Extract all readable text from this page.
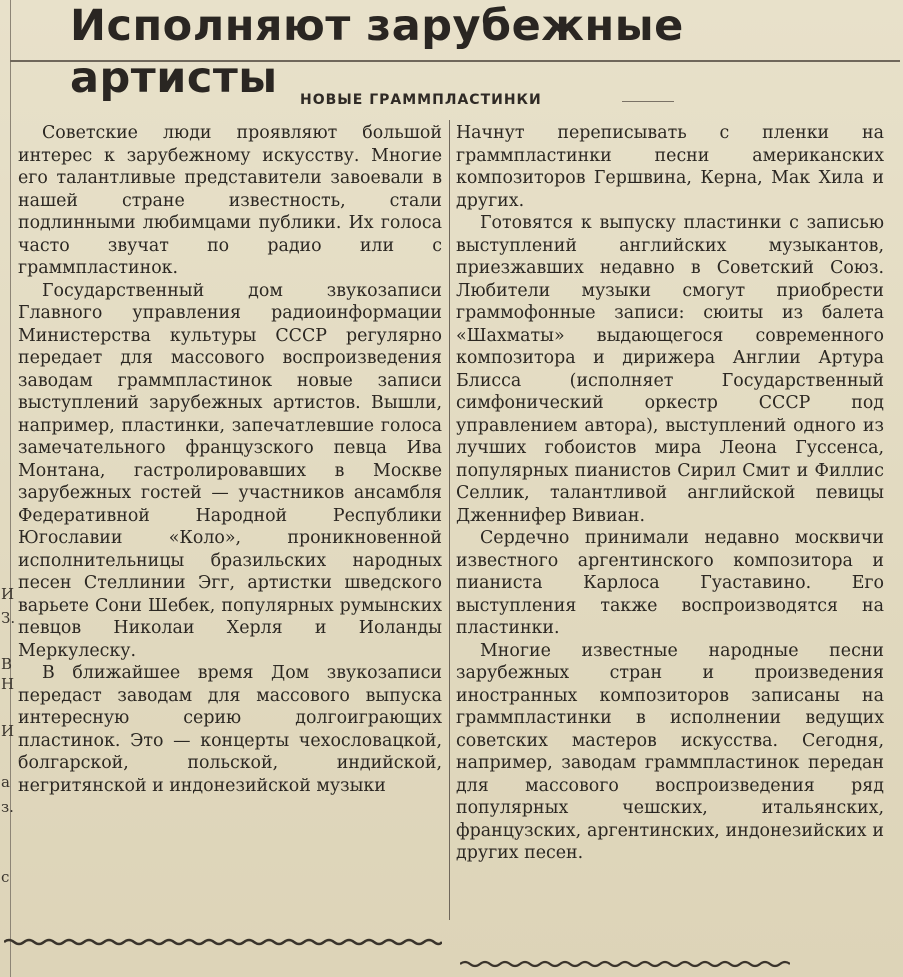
И
З.
В
Н
И
а
з.
с
Исполняют зарубежные артисты	НОВЫЕ ГРАММПЛАСТИНКИ

Советские люди проявляют большой интерес к зарубежному искусству. Многие его талантливые представители завоевали в нашей стране известность, стали подлинными любимцами публики. Их голоса часто звучат по радио или с граммпластинок.

Государственный дом звукозаписи Главного управления радиоинформации Министерства культуры СССР регулярно передает для массового воспроизведения заводам граммпластинок новые записи выступлений зарубежных артистов. Вышли, например, пластинки, запечатлевшие голоса замечательного французского певца Ива Монтана, гастролировавших в Москве зарубежных гостей — участников ансамбля Федеративной Народной Республики Югославии «Коло», проникновенной исполнительницы бразильских народных песен Стеллинии Эгг, артистки шведского варьете Сони Шебек, популярных румынских певцов Николаи Херля и Иоланды Меркулеску.

В ближайшее время Дом звукозаписи передаст заводам для массового выпуска интересную серию долгоиграющих пластинок. Это — концерты чехословацкой, болгарской, польской, индийской, негритянской и индонезийской музыки

Начнут переписывать с пленки на граммпластинки песни американских композиторов Гершвина, Керна, Мак Хила и других.

Готовятся к выпуску пластинки с записью выступлений английских музыкантов, приезжавших недавно в Советский Союз. Любители музыки смогут приобрести граммофонные записи: сюиты из балета «Шахматы» выдающегося современного композитора и дирижера Англии Артура Блисса (исполняет Государственный симфонический оркестр СССР под управлением автора), выступлений одного из лучших гобоистов мира Леона Гуссенса, популярных пианистов Сирил Смит и Филлис Селлик, талантливой английской певицы Дженнифер Вивиан.

Сердечно принимали недавно москвичи известного аргентинского композитора и пианиста Карлоса Гуаставино. Его выступления также воспроизводятся на пластинки.

Многие известные народные песни зарубежных стран и произведения иностранных композиторов записаны на граммпластинки в исполнении ведущих советских мастеров искусства. Сегодня, например, заводам граммпластинок передан для массового воспроизведения ряд популярных чешских, итальянских, французских, аргентинских, индонезийских и других песен.
